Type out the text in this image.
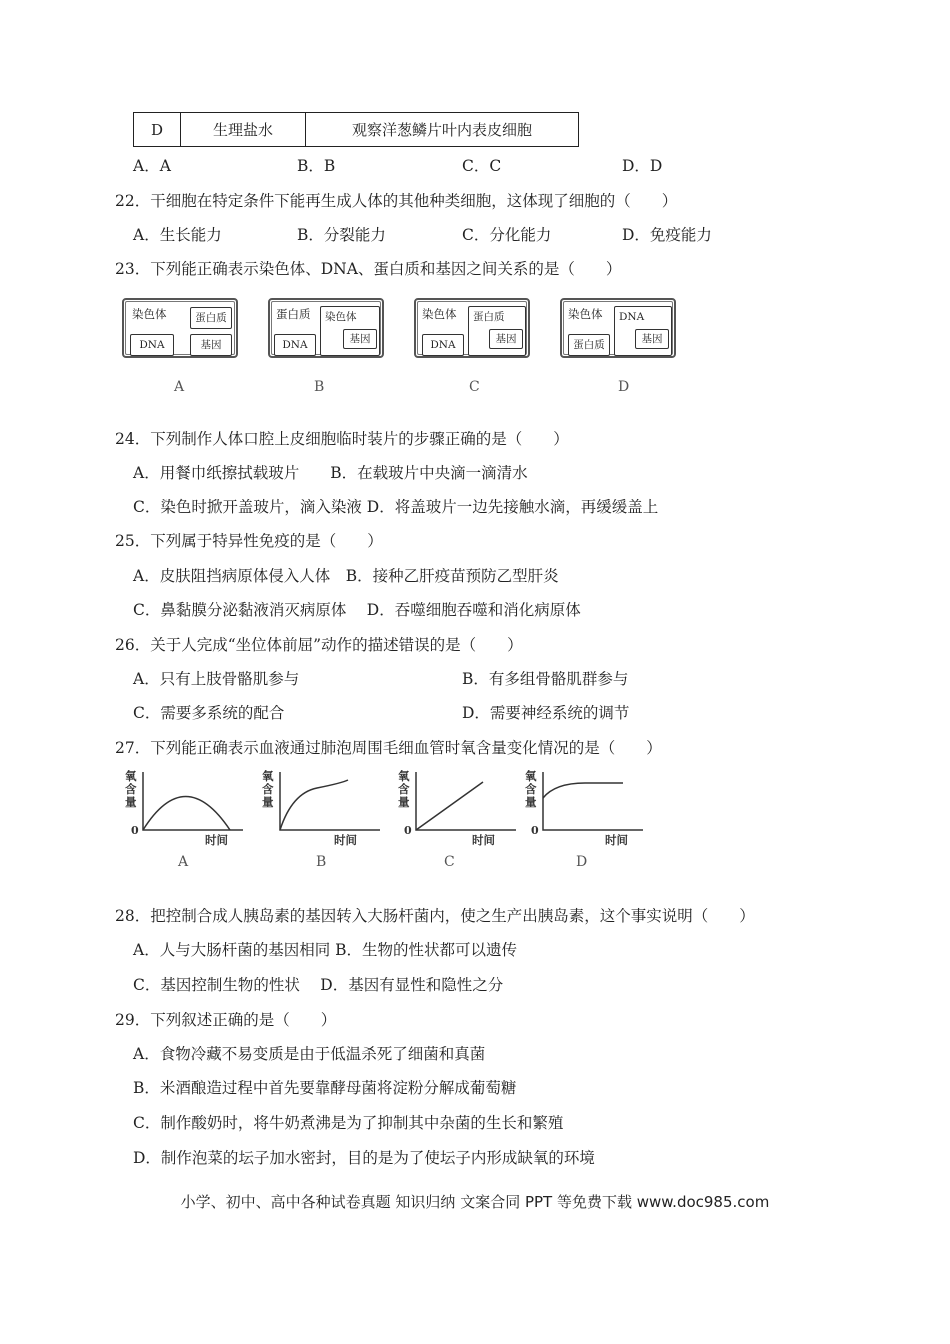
D	生理盐水	观察洋葱鳞片叶内表皮细胞
A．A	B．B	C．C	D．D
22．干细胞在特定条件下能再生成人体的其他种类细胞，这体现了细胞的（　　）
A．生长能力	B．分裂能力	C．分化能力	D．免疫能力
23．下列能正确表示染色体、DNA、蛋白质和基因之间关系的是（　　）
染色体	蛋白质
DNA	基因
A
蛋白质
DNA
染色体
基因
B
染色体
DNA
蛋白质
基因
C
染色体
蛋白质
DNA
基因
D
24．下列制作人体口腔上皮细胞临时装片的步骤正确的是（　　）
A．用餐巾纸擦拭载玻片　　B．在载玻片中央滴一滴清水
C．染色时掀开盖玻片，滴入染液 D．将盖玻片一边先接触水滴，再缓缓盖上
25．下列属于特异性免疫的是（　　）
A．皮肤阻挡病原体侵入人体　B．接种乙肝疫苗预防乙型肝炎
C．鼻黏膜分泌黏液消灭病原体　 D．吞噬细胞吞噬和消化病原体
26．关于人完成“坐位体前屈”动作的描述错误的是（　　）
A．只有上肢骨骼肌参与	B．有多组骨骼肌群参与
C．需要多系统的配合	D．需要神经系统的调节
27．下列能正确表示血液通过肺泡周围毛细血管时氧含量变化情况的是（　　）
氧含量
0
时间
A
氧含量
时间
B
氧含量
0
时间
C
氧含量
0
时间
D
28．把控制合成人胰岛素的基因转入大肠杆菌内，使之生产出胰岛素，这个事实说明（　　）
A．人与大肠杆菌的基因相同 B．生物的性状都可以遗传
C．基因控制生物的性状　 D．基因有显性和隐性之分
29．下列叙述正确的是（　　）
A．食物冷藏不易变质是由于低温杀死了细菌和真菌
B．米酒酿造过程中首先要靠酵母菌将淀粉分解成葡萄糖
C．制作酸奶时，将牛奶煮沸是为了抑制其中杂菌的生长和繁殖
D．制作泡菜的坛子加水密封，目的是为了使坛子内形成缺氧的环境
小学、初中、高中各种试卷真题 知识归纳 文案合同 PPT 等免费下载 www.doc985.com
